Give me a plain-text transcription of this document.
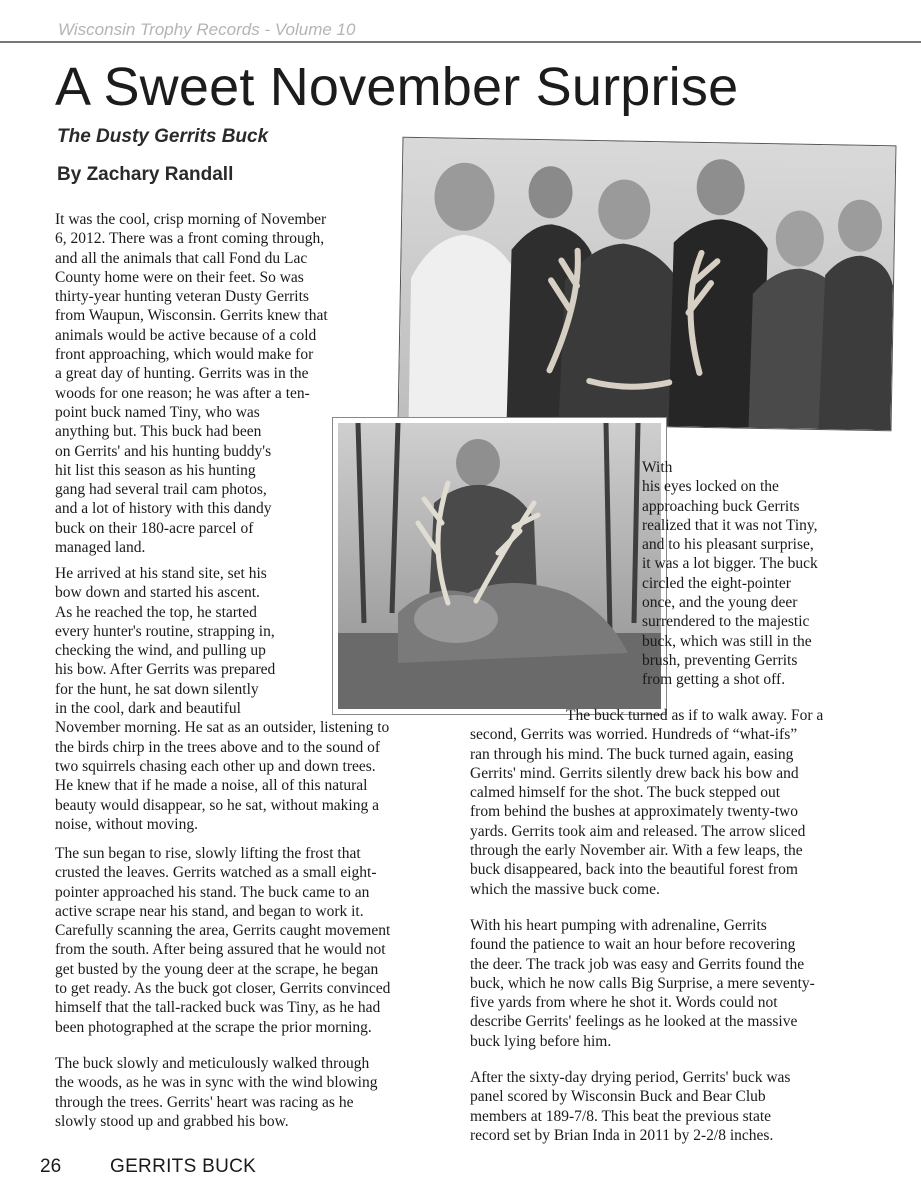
Wisconsin Trophy Records - Volume 10
A Sweet November Surprise
The Dusty Gerrits Buck
By Zachary Randall

It was the cool, crisp morning of November
6, 2012. There was a front coming through,
and all the animals that call Fond du Lac
County home were on their feet. So was
thirty-year hunting veteran Dusty Gerrits
from Waupun, Wisconsin. Gerrits knew that
animals would be active because of a cold
front approaching, which would make for
a great day of hunting. Gerrits was in the
woods for one reason; he was after a ten-
point buck named Tiny, who was
anything but. This buck had been
on Gerrits' and his hunting buddy's
hit list this season as his hunting
gang had several trail cam photos,
and a lot of history with this dandy
buck on their 180-acre parcel of
managed land.

He arrived at his stand site, set his
bow down and started his ascent.
As he reached the top, he started
every hunter's routine, strapping in,
checking the wind, and pulling up
his bow. After Gerrits was prepared
for the hunt, he sat down silently
in the cool, dark and beautiful
November morning. He sat as an outsider, listening to
the birds chirp in the trees above and to the sound of
two squirrels chasing each other up and down trees.
He knew that if he made a noise, all of this natural
beauty would disappear, so he sat, without making a
noise, without moving.

The sun began to rise, slowly lifting the frost that
crusted the leaves. Gerrits watched as a small eight-
pointer approached his stand. The buck came to an
active scrape near his stand, and began to work it.
Carefully scanning the area, Gerrits caught movement
from the south. After being assured that he would not
get busted by the young deer at the scrape, he began
to get ready. As the buck got closer, Gerrits convinced
himself that the tall-racked buck was Tiny, as he had
been photographed at the scrape the prior morning.

The buck slowly and meticulously walked through
the woods, as he was in sync with the wind blowing
through the trees. Gerrits' heart was racing as he
slowly stood up and grabbed his bow.

With
his eyes locked on the
approaching buck Gerrits
realized that it was not Tiny,
and to his pleasant surprise,
it was a lot bigger. The buck
circled the eight-pointer
once, and the young deer
surrendered to the majestic
buck, which was still in the
brush, preventing Gerrits
from getting a shot off.

The buck turned as if to walk away. For a
second, Gerrits was worried. Hundreds of “what-ifs”
ran through his mind. The buck turned again, easing
Gerrits' mind. Gerrits silently drew back his bow and
calmed himself for the shot. The buck stepped out
from behind the bushes at approximately twenty-two
yards. Gerrits took aim and released. The arrow sliced
through the early November air. With a few leaps, the
buck disappeared, back into the beautiful forest from
which the massive buck come.

With his heart pumping with adrenaline, Gerrits
found the patience to wait an hour before recovering
the deer. The track job was easy and Gerrits found the
buck, which he now calls Big Surprise, a mere seventy-
five yards from where he shot it. Words could not
describe Gerrits' feelings as he looked at the massive
buck lying before him.

After the sixty-day drying period, Gerrits' buck was
panel scored by Wisconsin Buck and Bear Club
members at 189-7/8. This beat the previous state
record set by Brian Inda in 2011 by 2-2/8 inches.

26	GERRITS BUCK
